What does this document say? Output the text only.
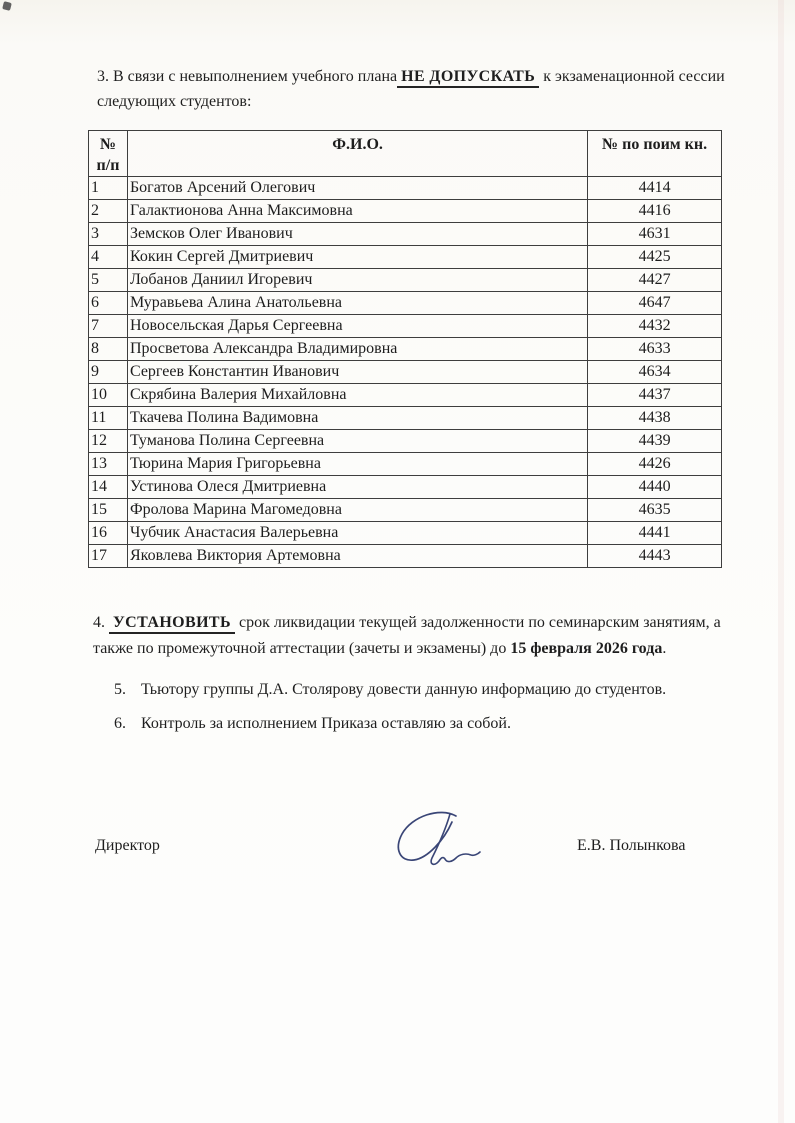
3. В связи с невыполнением учебного плана НЕ ДОПУСКАТЬ к экзаменационной сессии следующих студентов:
№
п/п	Ф.И.О.	№ по поим кн.
1	Богатов Арсений Олегович	4414
2	Галактионова Анна Максимовна	4416
3	Земсков Олег Иванович	4631
4	Кокин Сергей Дмитриевич	4425
5	Лобанов Даниил Игоревич	4427
6	Муравьева Алина Анатольевна	4647
7	Новосельская Дарья Сергеевна	4432
8	Просветова Александра Владимировна	4633
9	Сергеев Константин Иванович	4634
10	Скрябина Валерия Михайловна	4437
11	Ткачева Полина Вадимовна	4438
12	Туманова Полина Сергеевна	4439
13	Тюрина Мария Григорьевна	4426
14	Устинова Олеся Дмитриевна	4440
15	Фролова Марина Магомедовна	4635
16	Чубчик Анастасия Валерьевна	4441
17	Яковлева Виктория Артемовна	4443
4. УСТАНОВИТЬ срок ликвидации текущей задолженности по семинарским занятиям, а также по промежуточной аттестации (зачеты и экзамены) до 15 февраля 2026 года.
5. Тьютору группы Д.А. Столярову довести данную информацию до студентов.
6. Контроль за исполнением Приказа оставляю за собой.
Директор	Е.В. Полынкова
